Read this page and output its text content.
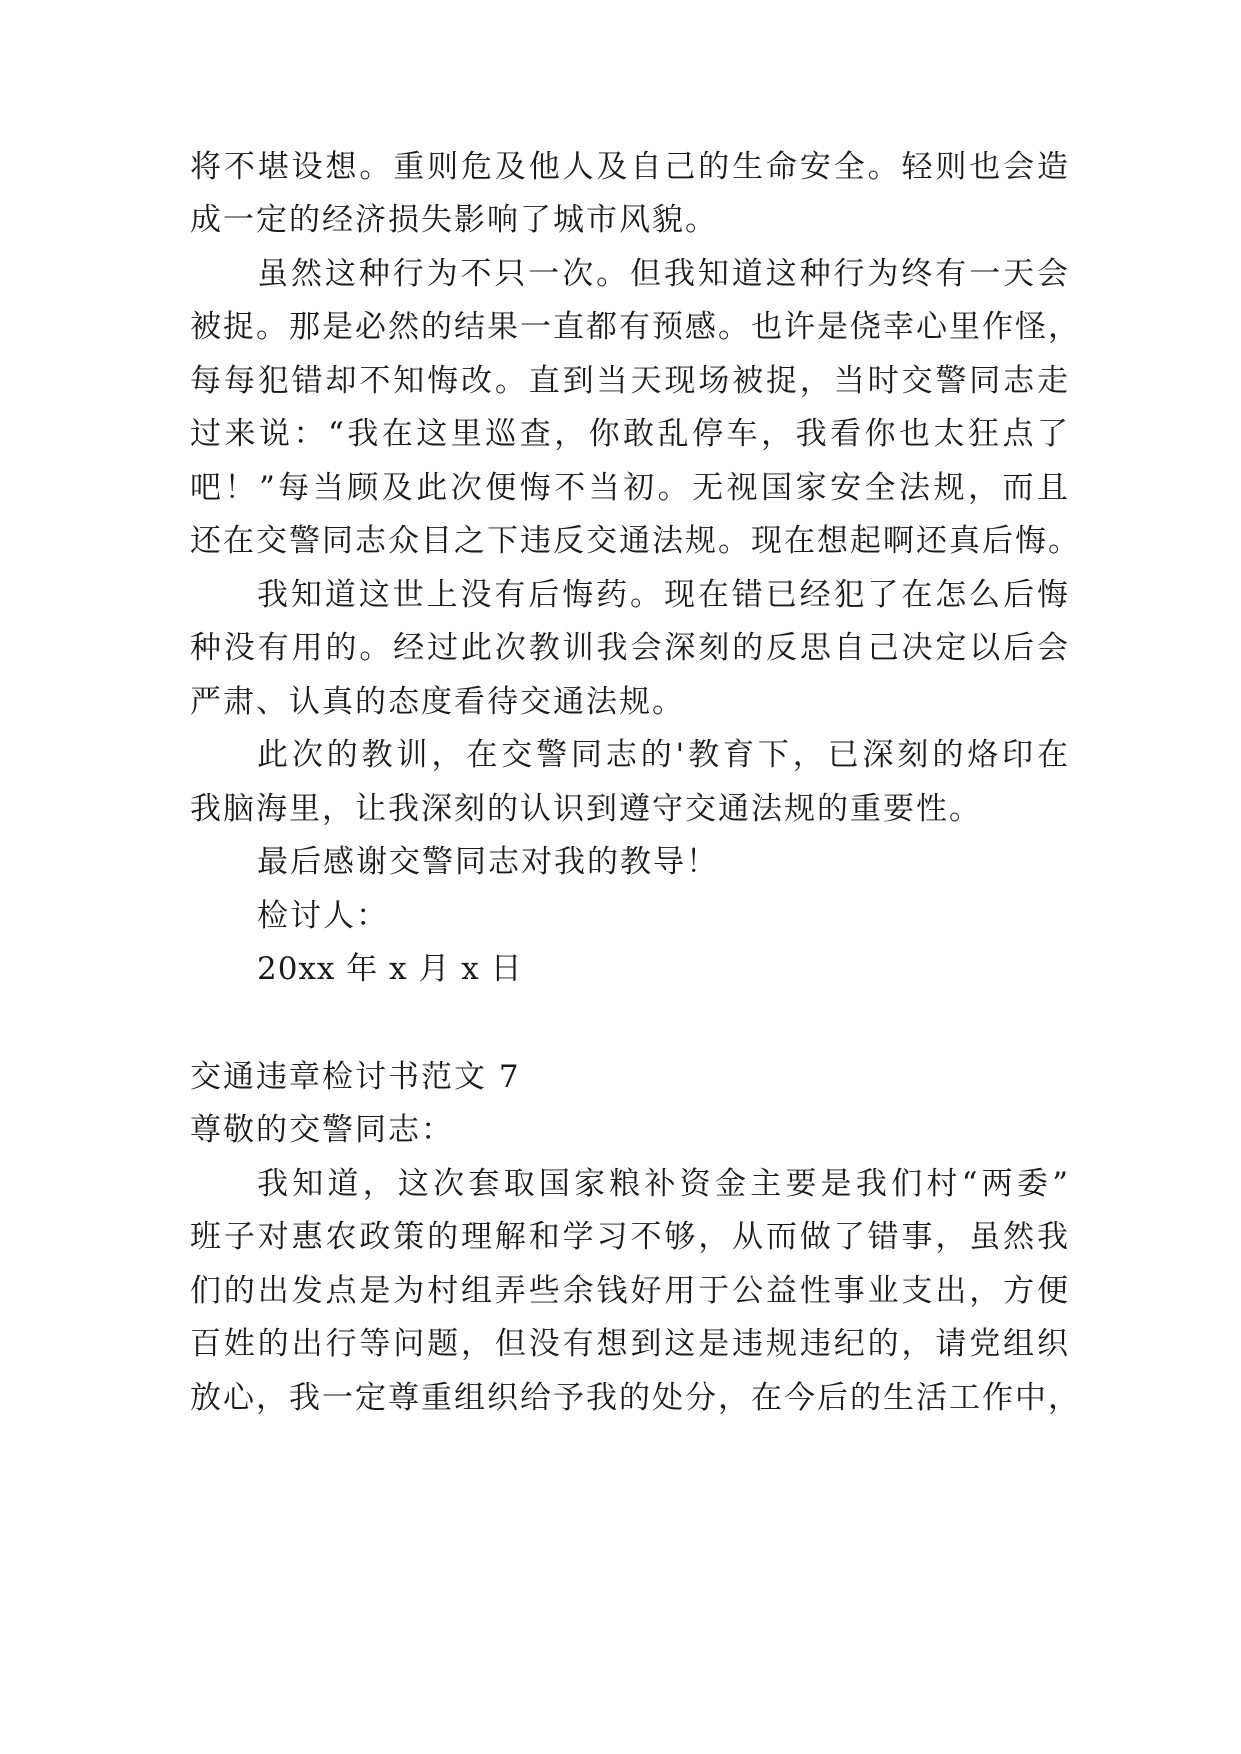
将不堪设想。重则危及他人及自己的生命安全。轻则也会造
成一定的经济损失影响了城市风貌。
虽然这种行为不只一次。但我知道这种行为终有一天会
被捉。那是必然的结果一直都有预感。也许是侥幸心里作怪，
每每犯错却不知悔改。直到当天现场被捉，当时交警同志走
过来说：“我在这里巡查，你敢乱停车，我看你也太狂点了
吧！”每当顾及此次便悔不当初。无视国家安全法规，而且
还在交警同志众目之下违反交通法规。现在想起啊还真后悔。
我知道这世上没有后悔药。现在错已经犯了在怎么后悔
种没有用的。经过此次教训我会深刻的反思自己决定以后会
严肃、认真的态度看待交通法规。
此次的教训，在交警同志的'教育下，已深刻的烙印在
我脑海里，让我深刻的认识到遵守交通法规的重要性。
最后感谢交警同志对我的教导！
检讨人：
20xx 年 x 月 x 日
交通违章检讨书范文 7
尊敬的交警同志：
我知道，这次套取国家粮补资金主要是我们村“两委”
班子对惠农政策的理解和学习不够，从而做了错事，虽然我
们的出发点是为村组弄些余钱好用于公益性事业支出，方便
百姓的出行等问题，但没有想到这是违规违纪的，请党组织
放心，我一定尊重组织给予我的处分，在今后的生活工作中，
